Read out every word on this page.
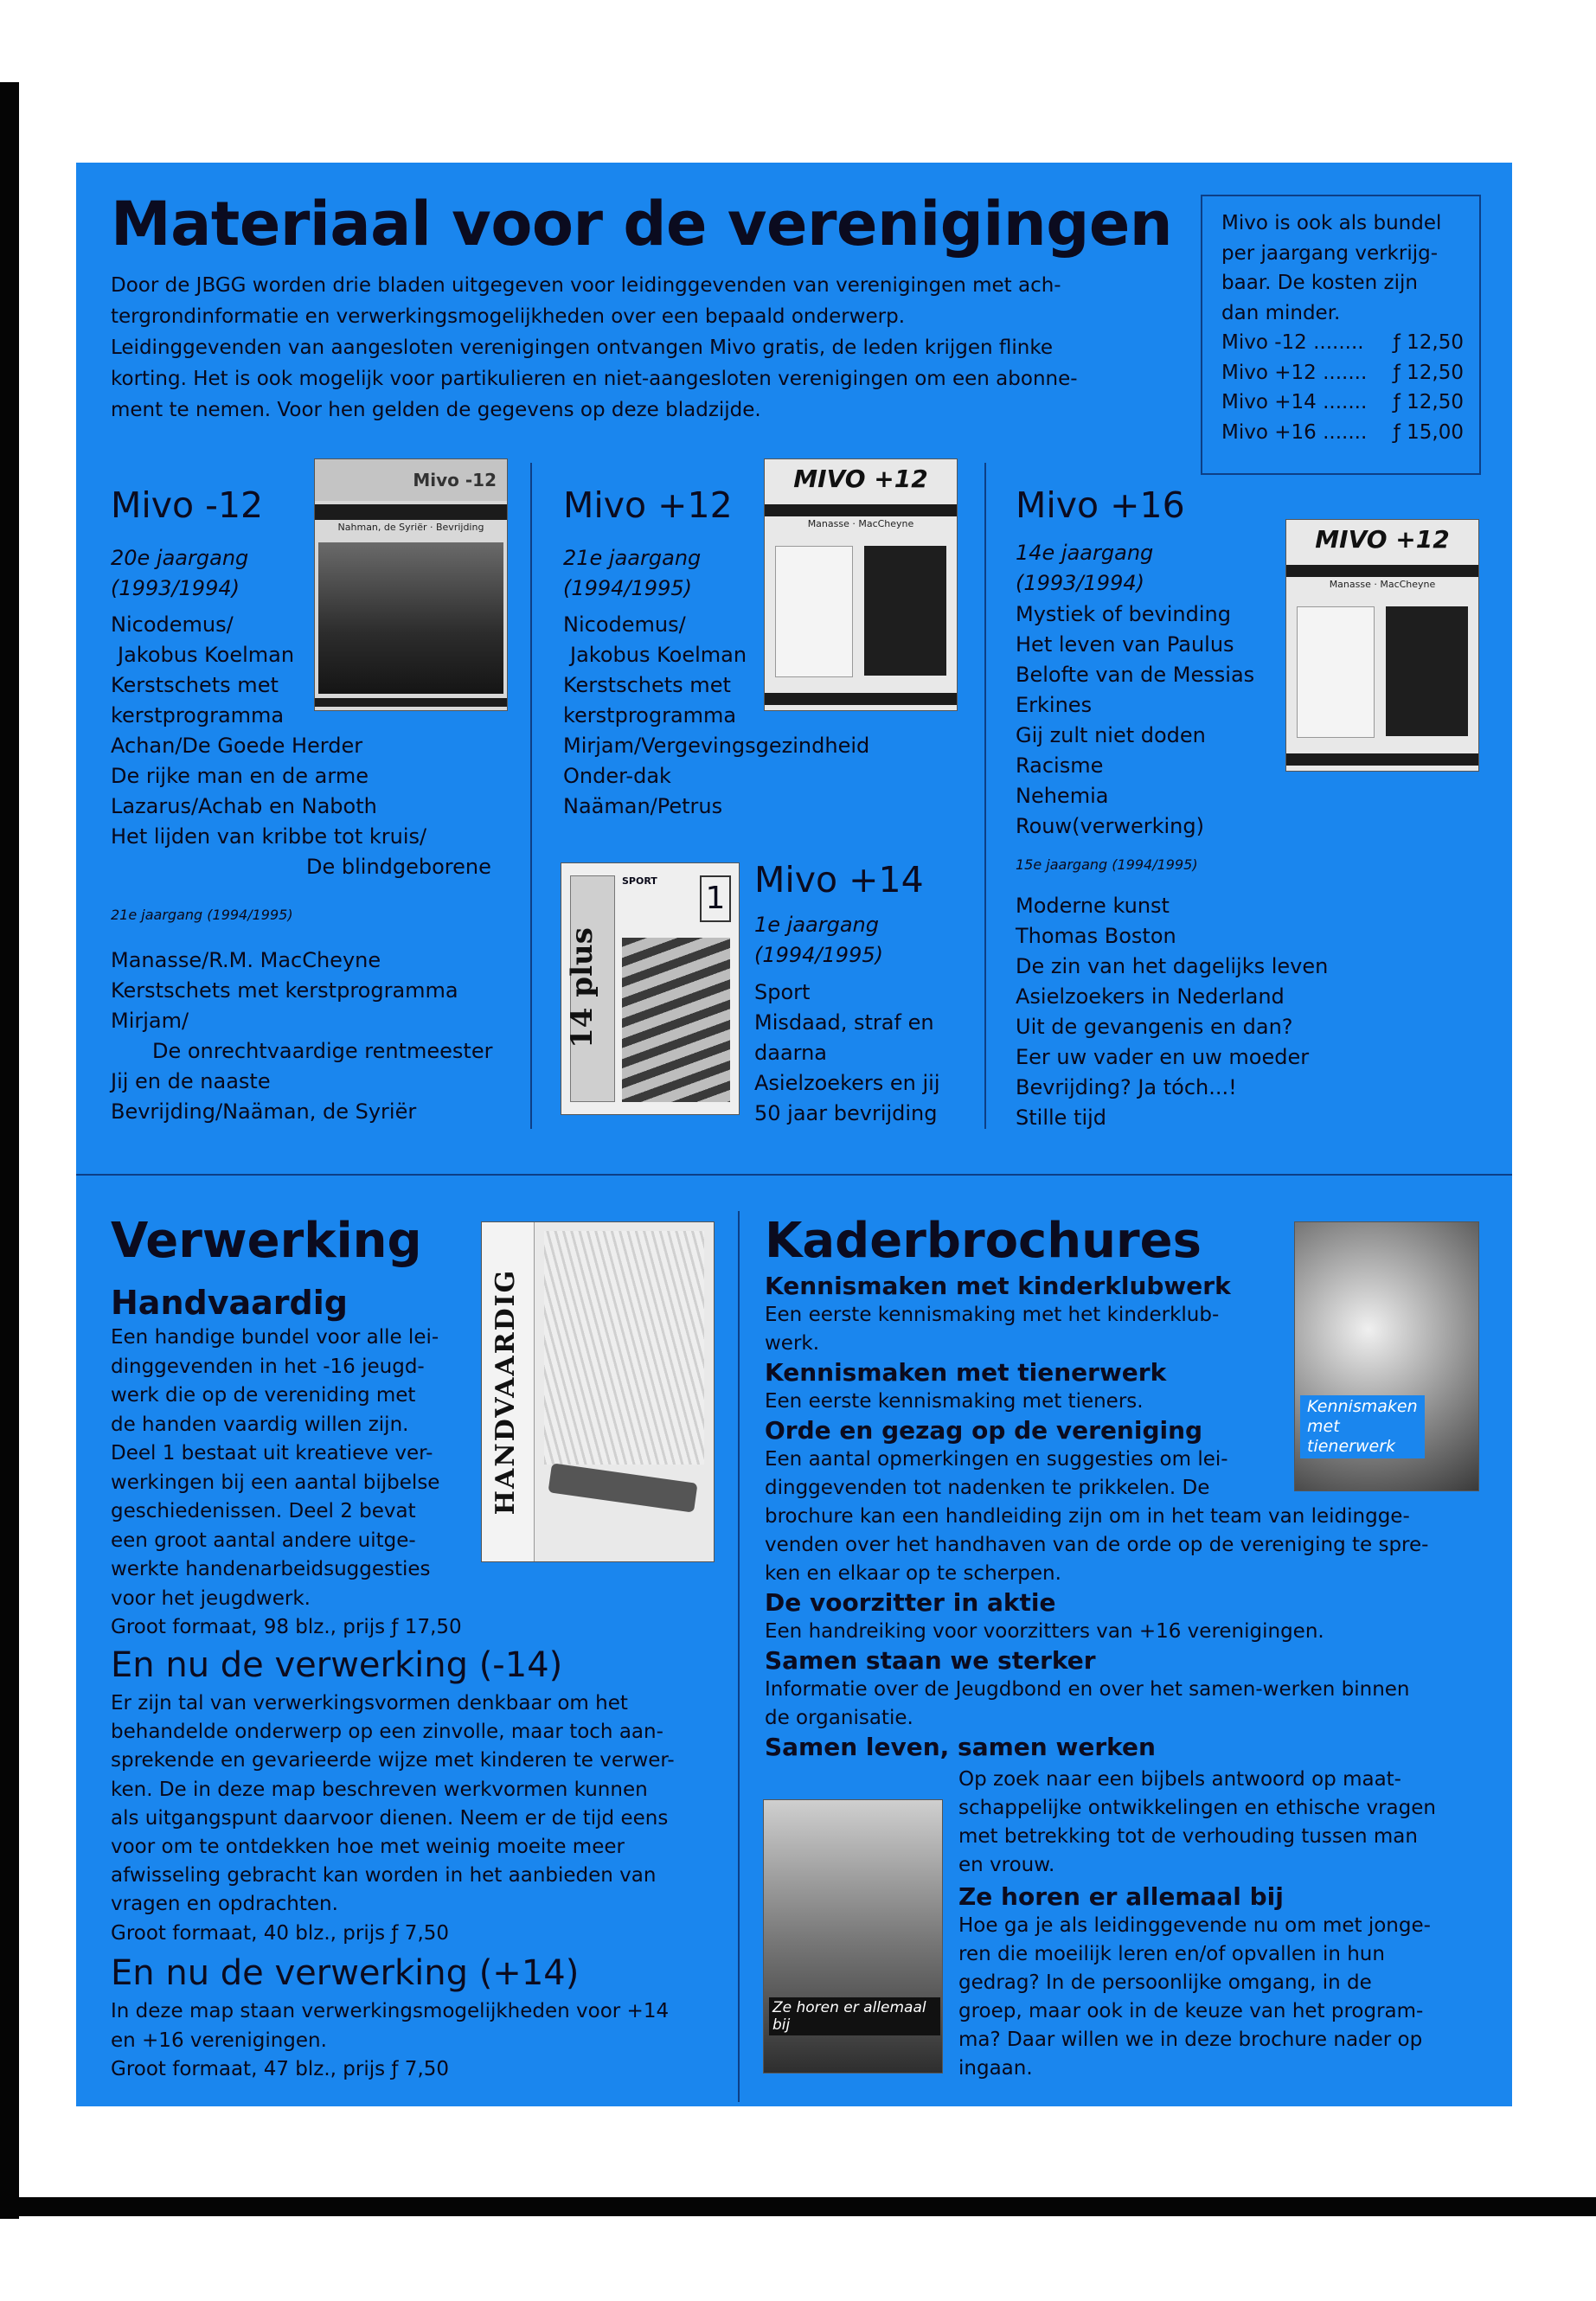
Materiaal voor de verenigingen
Door de JBGG worden drie bladen uitgegeven voor leidinggevenden van verenigingen met ach-
tergrondinformatie en verwerkingsmogelijkheden over een bepaald onderwerp.
Leidinggevenden van aangesloten verenigingen ontvangen Mivo gratis, de leden krijgen flinke
korting. Het is ook mogelijk voor partikulieren en niet-aangesloten verenigingen om een abonne-
ment te nemen. Voor hen gelden de gegevens op deze bladzijde.
Mivo is ook als bundel
per jaargang verkrijg-
baar. De kosten zijn
dan minder.
Mivo -12 ........ ƒ 12,50
Mivo +12 ....... ƒ 12,50
Mivo +14 ....... ƒ 12,50
Mivo +16 ....... ƒ 15,00
Mivo -12
Mivo -12
Nahman, de Syriër · Bevrijding
20e jaargang
(1993/1994)
Nicodemus/
Jakobus Koelman
Kerstschets met
kerstprogramma
Achan/De Goede Herder
De rijke man en de arme
Lazarus/Achab en Naboth
Het lijden van kribbe tot kruis/
De blindgeborene
21e jaargang (1994/1995)
Manasse/R.M. MacCheyne
Kerstschets met kerstprogramma
Mirjam/
De onrechtvaardige rentmeester
Jij en de naaste
Bevrijding/Naäman, de Syriër
Mivo +12
MIVO +12
Manasse · MacCheyne
21e jaargang
(1994/1995)
Nicodemus/
Jakobus Koelman
Kerstschets met
kerstprogramma
Mirjam/Vergevingsgezindheid
Onder-dak
Naäman/Petrus
14 plus
SPORT 1 Mivo +14
1e jaargang
(1994/1995)
Sport
Misdaad, straf en
daarna
Asielzoekers en jij
50 jaar bevrijding
Mivo +16
MIVO +12
Manasse · MacCheyne
14e jaargang
(1993/1994)
Mystiek of bevinding
Het leven van Paulus
Belofte van de Messias
Erkines
Gij zult niet doden
Racisme
Nehemia
Rouw(verwerking)
15e jaargang (1994/1995)
Moderne kunst
Thomas Boston
De zin van het dagelijks leven
Asielzoekers in Nederland
Uit de gevangenis en dan?
Eer uw vader en uw moeder
Bevrijding? Ja tóch...!
Stille tijd
Verwerking
HANDVAARDIG
Handvaardig
Een handige bundel voor alle lei-
dinggevenden in het -16 jeugd-
werk die op de vereniding met
de handen vaardig willen zijn.
Deel 1 bestaat uit kreatieve ver-
werkingen bij een aantal bijbelse
geschiedenissen. Deel 2 bevat
een groot aantal andere uitge-
werkte handenarbeidsuggesties
voor het jeugdwerk.
Groot formaat, 98 blz., prijs ƒ 17,50
En nu de verwerking (-14)
Er zijn tal van verwerkingsvormen denkbaar om het
behandelde onderwerp op een zinvolle, maar toch aan-
sprekende en gevarieerde wijze met kinderen te verwer-
ken. De in deze map beschreven werkvormen kunnen
als uitgangspunt daarvoor dienen. Neem er de tijd eens
voor om te ontdekken hoe met weinig moeite meer
afwisseling gebracht kan worden in het aanbieden van
vragen en opdrachten.
Groot formaat, 40 blz., prijs ƒ 7,50
En nu de verwerking (+14)
In deze map staan verwerkingsmogelijkheden voor +14
en +16 verenigingen.
Groot formaat, 47 blz., prijs ƒ 7,50
Kaderbrochures
Kennismaken
met
tienerwerk
Kennismaken met kinderklubwerk
Een eerste kennismaking met het kinderklub-
werk.
Kennismaken met tienerwerk
Een eerste kennismaking met tieners.
Orde en gezag op de vereniging
Een aantal opmerkingen en suggesties om lei-
dinggevenden tot nadenken te prikkelen. De
brochure kan een handleiding zijn om in het team van leidingge-
venden over het handhaven van de orde op de vereniging te spre-
ken en elkaar op te scherpen.
De voorzitter in aktie
Een handreiking voor voorzitters van +16 verenigingen.
Samen staan we sterker
Informatie over de Jeugdbond en over het samen-werken binnen
de organisatie.
Samen leven, samen werken
Ze horen er allemaal bij
Op zoek naar een bijbels antwoord op maat-
schappelijke ontwikkelingen en ethische vragen
met betrekking tot de verhouding tussen man
en vrouw.
Ze horen er allemaal bij
Hoe ga je als leidinggevende nu om met jonge-
ren die moeilijk leren en/of opvallen in hun
gedrag? In de persoonlijke omgang, in de
groep, maar ook in de keuze van het program-
ma? Daar willen we in deze brochure nader op
ingaan.
